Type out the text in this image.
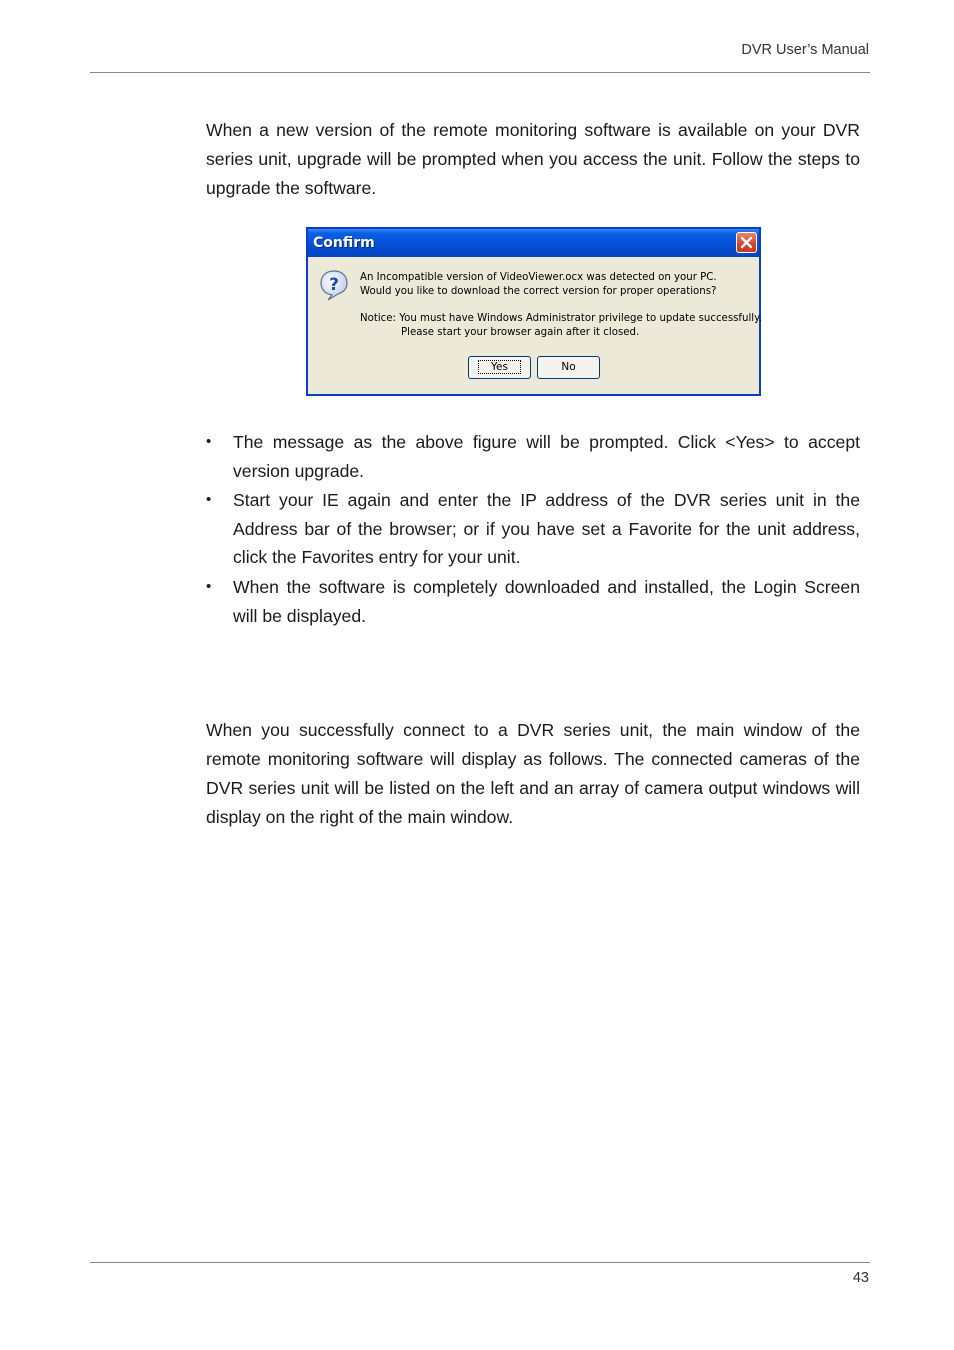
DVR User’s Manual

When a new version of the remote monitoring software is available on your DVR series unit, upgrade will be prompted when you access the unit. Follow the steps to upgrade the software.

Confirm
? An Incompatible version of VideoViewer.ocx was detected on your PC.
Would you like to download the correct version for proper operations?
Notice: You must have Windows Administrator privilege to update successfully.
Please start your browser again after it closed.
Yes	No
• The message as the above figure will be prompted. Click <Yes> to accept version upgrade.
• Start your IE again and enter the IP address of the DVR series unit in the Address bar of the browser; or if you have set a Favorite for the unit address, click the Favorites entry for your unit.
• When the software is completely downloaded and installed, the Login Screen will be displayed.

When you successfully connect to a DVR series unit, the main window of the remote monitoring software will display as follows. The connected cameras of the DVR series unit will be listed on the left and an array of camera output windows will display on the right of the main window.

43
